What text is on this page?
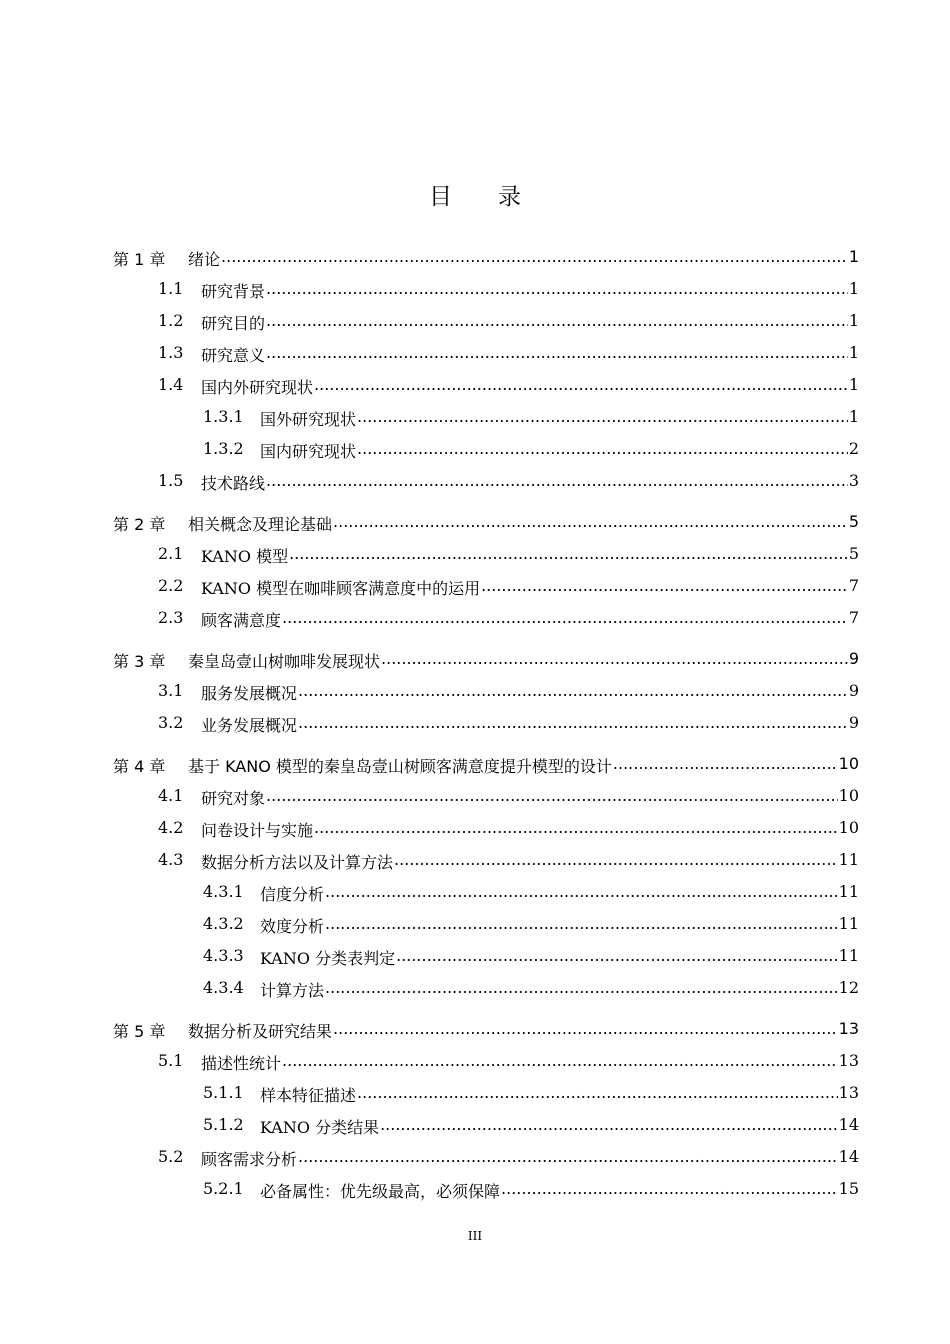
目 录
第 1 章 绪论 .....	1
1.1 研究背景 .....	1
1.2 研究目的 .....	1
1.3 研究意义 .....	1
1.4 国内外研究现状 .....	1
1.3.1 国外研究现状 .....	1
1.3.2 国内研究现状 .....	2
1.5 技术路线 .....	3
第 2 章 相关概念及理论基础 .....	5
2.1 KANO 模型 .....	5
2.2 KANO 模型在咖啡顾客满意度中的运用 .....	7
2.3 顾客满意度 .....	7
第 3 章 秦皇岛壹山树咖啡发展现状 .....	9
3.1 服务发展概况 .....	9
3.2 业务发展概况 .....	9
第 4 章 基于 KANO 模型的秦皇岛壹山树顾客满意度提升模型的设计 .....	10
4.1 研究对象 .....	10
4.2 问卷设计与实施 .....	10
4.3 数据分析方法以及计算方法 .....	11
4.3.1 信度分析 .....	11
4.3.2 效度分析 .....	11
4.3.3 KANO 分类表判定 .....	11
4.3.4 计算方法 .....	12
第 5 章 数据分析及研究结果 .....	13
5.1 描述性统计 .....	13
5.1.1 样本特征描述 .....	13
5.1.2 KANO 分类结果 .....	14
5.2 顾客需求分析 .....	14
5.2.1 必备属性：优先级最高，必须保障 .....	15
III
